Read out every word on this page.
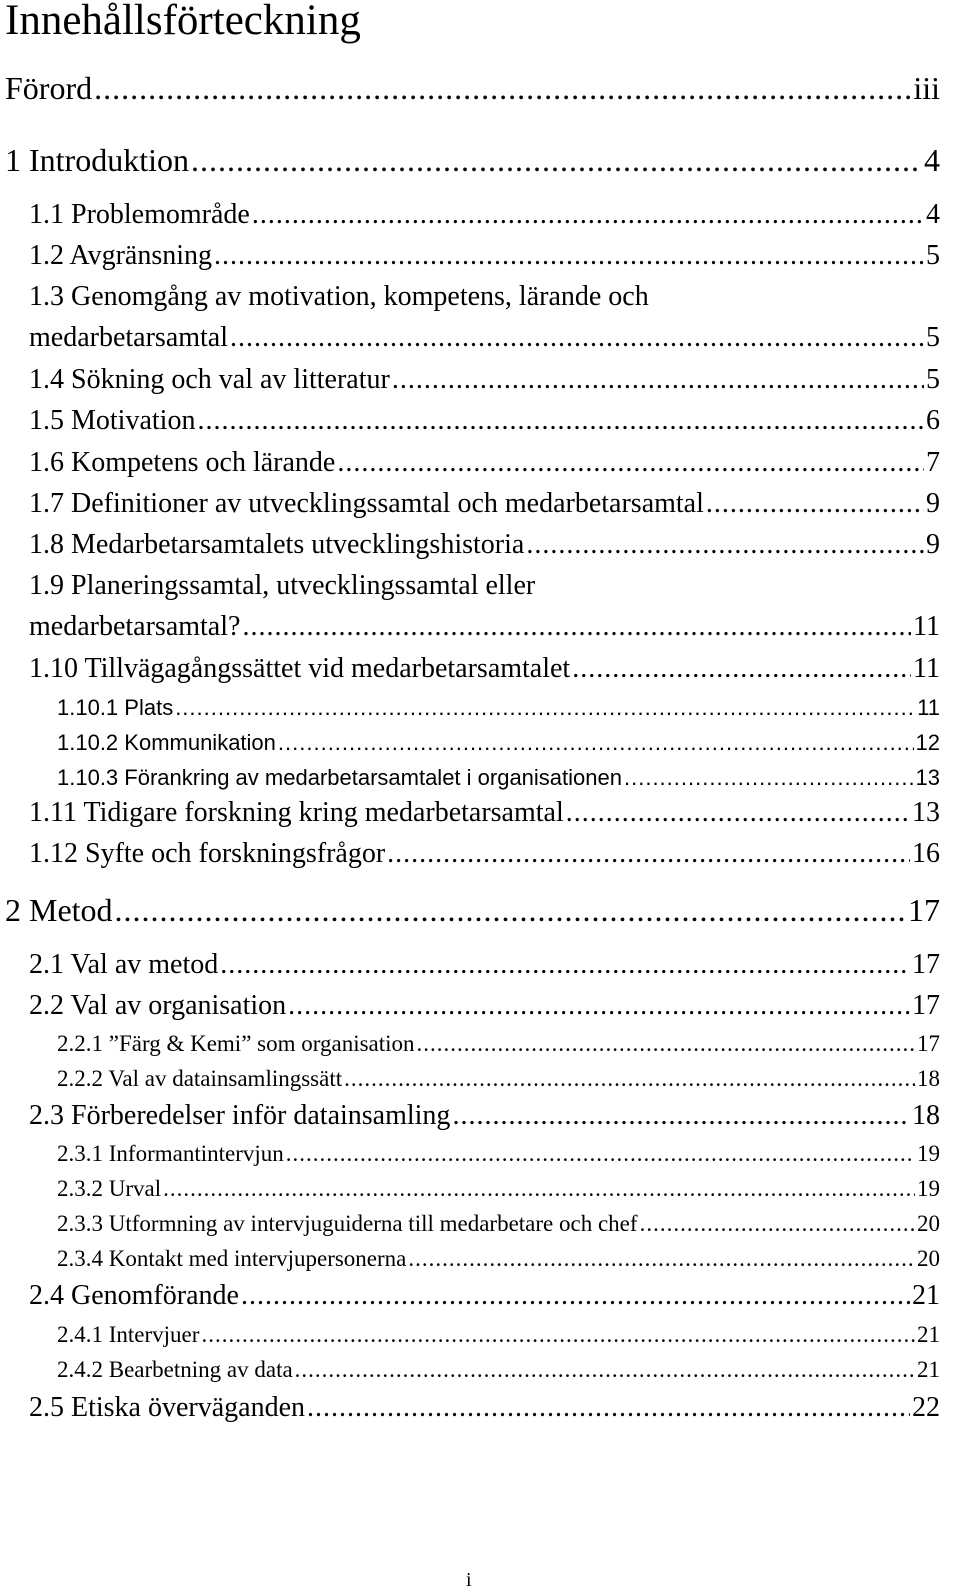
Innehållsförteckning
Förord .....	iii
1 Introduktion .....	4
1.1 Problemområde .....	4
1.2 Avgränsning .....	5
1.3 Genomgång av motivation, kompetens, lärande och
medarbetarsamtal .....	5
1.4 Sökning och val av litteratur .....	5
1.5 Motivation .....	6
1.6 Kompetens och lärande .....	7
1.7 Definitioner av utvecklingssamtal och medarbetarsamtal .....	9
1.8 Medarbetarsamtalets utvecklingshistoria .....	9
1.9 Planeringssamtal, utvecklingssamtal eller
medarbetarsamtal? .....	11
1.10 Tillvägagångssättet vid medarbetarsamtalet .....	11
1.10.1 Plats .....	11
1.10.2 Kommunikation .....	12
1.10.3 Förankring av medarbetarsamtalet i organisationen .....	13
1.11 Tidigare forskning kring medarbetarsamtal .....	13
1.12 Syfte och forskningsfrågor .....	16
2 Metod .....	17
2.1 Val av metod .....	17
2.2 Val av organisation .....	17
2.2.1 ”Färg & Kemi” som organisation .....	17
2.2.2 Val av datainsamlingssätt .....	18
2.3 Förberedelser inför datainsamling .....	18
2.3.1 Informantintervjun .....	19
2.3.2 Urval .....	19
2.3.3 Utformning av intervjuguiderna till medarbetare och chef .....	20
2.3.4 Kontakt med intervjupersonerna .....	20
2.4 Genomförande .....	21
2.4.1 Intervjuer .....	21
2.4.2 Bearbetning av data .....	21
2.5 Etiska överväganden .....	22
i
